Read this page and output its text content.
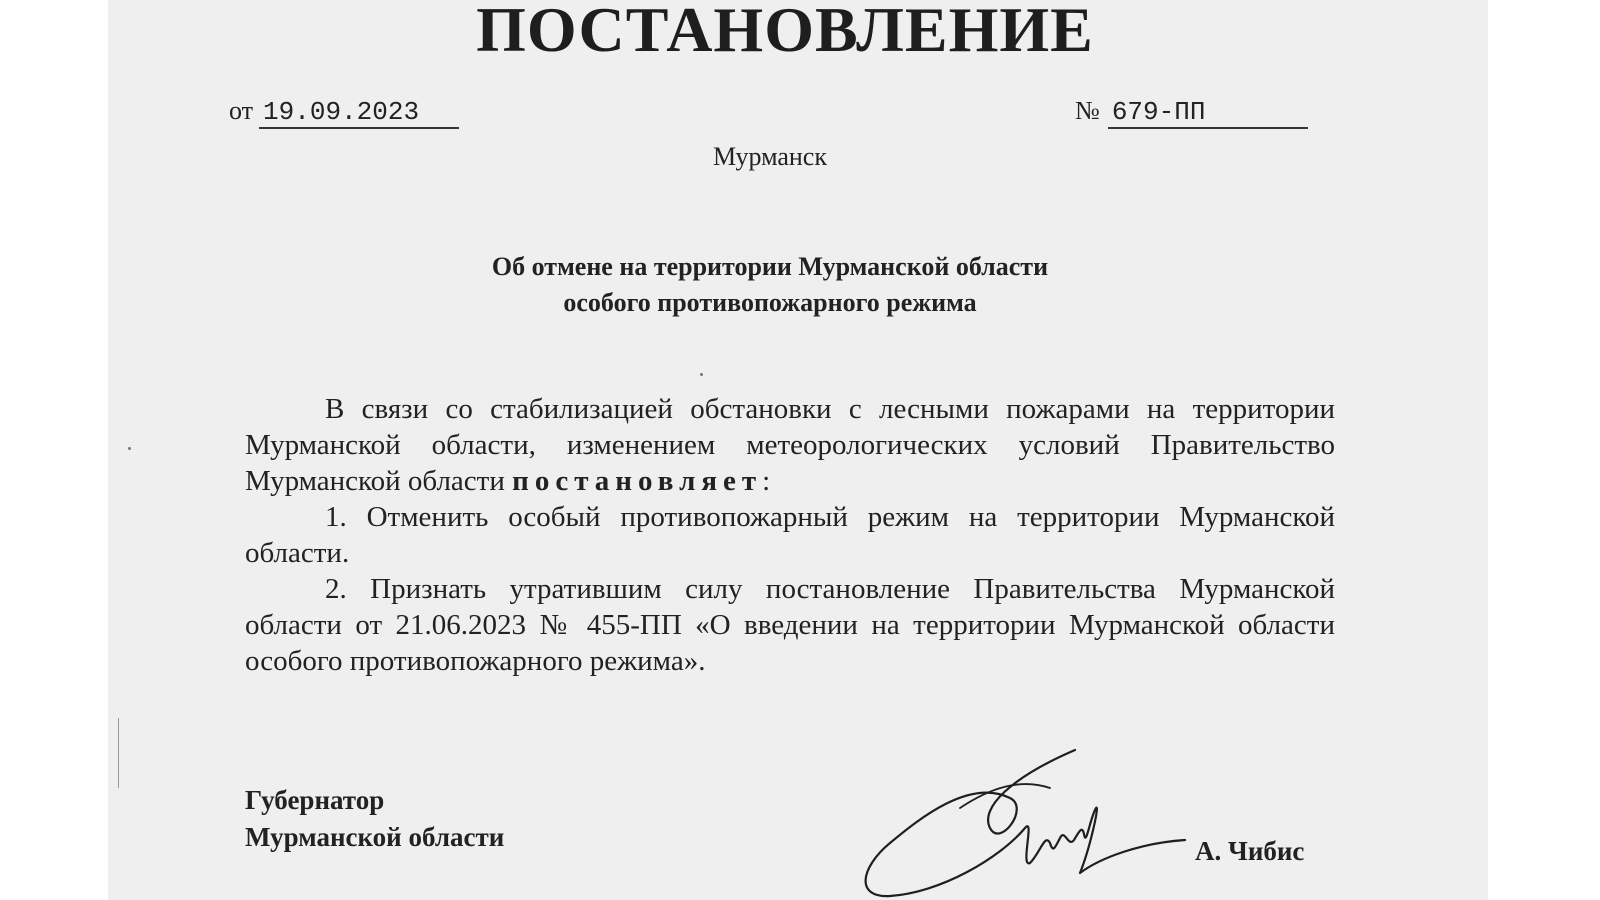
ПОСТАНОВЛЕНИЕ
от 19.09.2023	№ 679-ПП
Мурманск
Об отмене на территории Мурманской области
особого противопожарного режима

В связи со стабилизацией обстановки с лесными пожарами на территории Мурманской области, изменением метеорологических условий Правительство Мурманской области постановляет:

1. Отменить особый противопожарный режим на территории Мурманской области.

2. Признать утратившим силу постановление Правительства Мурманской области от 21.06.2023 № 455-ПП «О введении на территории Мурманской области особого противопожарного режима».

Губернатор
Мурманской области	А. Чибис
